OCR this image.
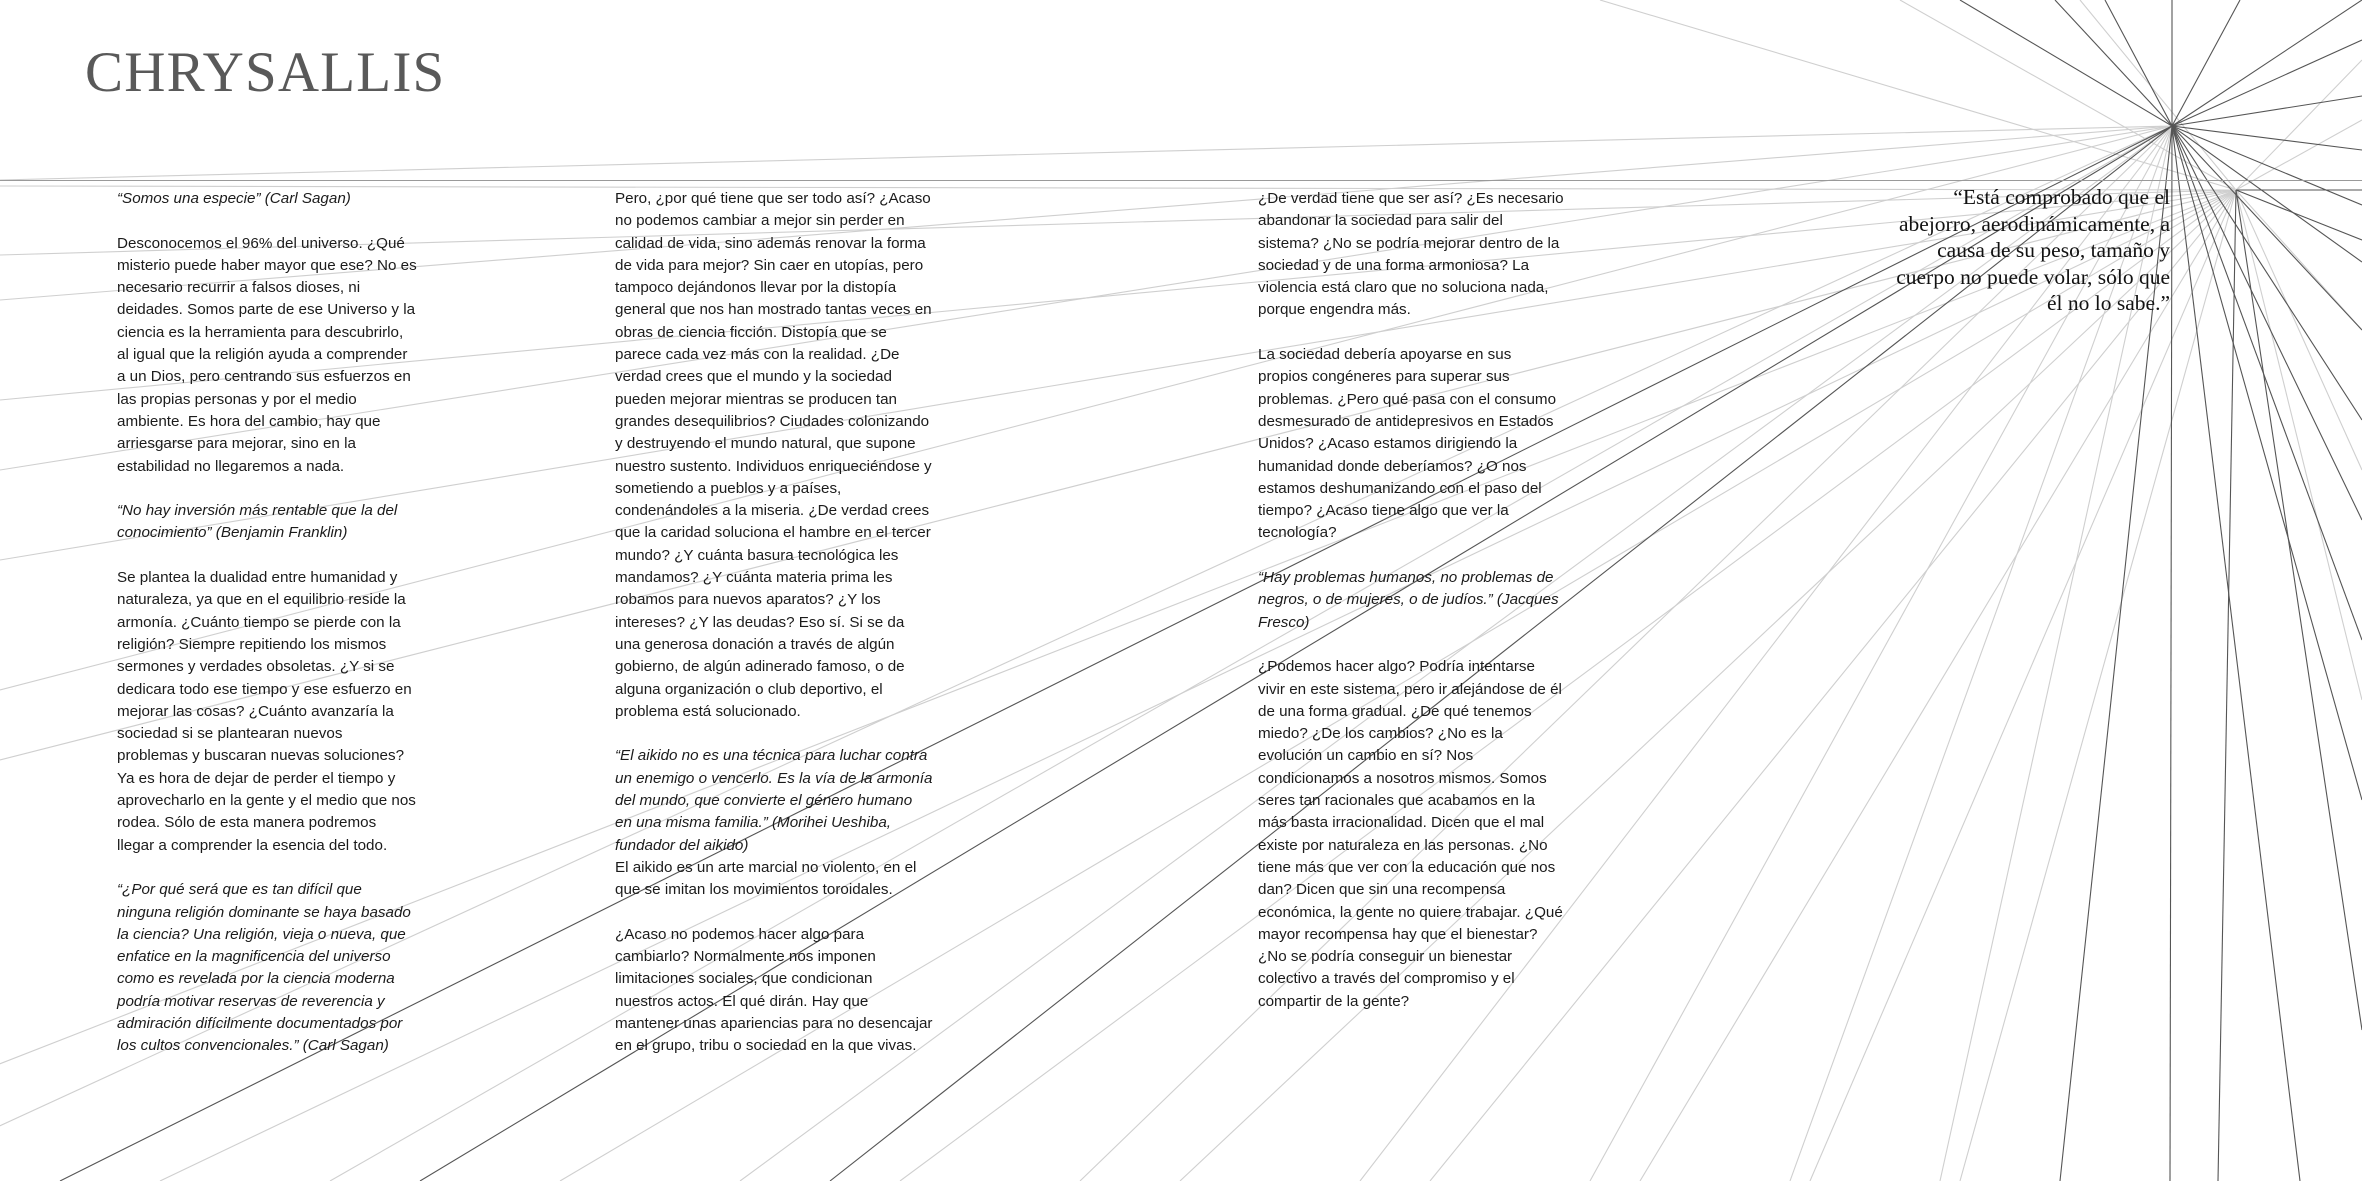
CHRYSALLIS

“Somos una especie” (Carl Sagan)

Desconocemos el 96% del universo. ¿Qué misterio puede haber mayor que ese? No es necesario recurrir a falsos dioses, ni deidades. Somos parte de ese Universo y la ciencia es la herramienta para descubrirlo, al igual que la religión ayuda a comprender a un Dios, pero centrando sus esfuerzos en las propias personas y por el medio ambiente. Es hora del cambio, hay que arriesgarse para mejorar, sino en la estabilidad no llegaremos a nada.

“No hay inversión más rentable que la del conocimiento” (Benjamin Franklin)

Se plantea la dualidad entre humanidad y naturaleza, ya que en el equilibrio reside la armonía. ¿Cuánto tiempo se pierde con la religión? Siempre repitiendo los mismos sermones y verdades obsoletas. ¿Y si se dedicara todo ese tiempo y ese esfuerzo en mejorar las cosas? ¿Cuánto avanzaría la sociedad si se plantearan nuevos problemas y buscaran nuevas soluciones? Ya es hora de dejar de perder el tiempo y aprovecharlo en la gente y el medio que nos rodea. Sólo de esta manera podremos llegar a comprender la esencia del todo.

“¿Por qué será que es tan difícil que ninguna religión dominante se haya basado la ciencia? Una religión, vieja o nueva, que enfatice en la magnificencia del universo como es revelada por la ciencia moderna podría motivar reservas de reverencia y admiración difícilmente documentados por los cultos convencionales.” (Carl Sagan)

Pero, ¿por qué tiene que ser todo así? ¿Acaso no podemos cambiar a mejor sin perder en calidad de vida, sino además renovar la forma de vida para mejor? Sin caer en utopías, pero tampoco dejándonos llevar por la distopía general que nos han mostrado tantas veces en obras de ciencia ficción. Distopía que se parece cada vez más con la realidad. ¿De verdad crees que el mundo y la sociedad pueden mejorar mientras se producen tan grandes desequilibrios? Ciudades colonizando y destruyendo el mundo natural, que supone nuestro sustento. Individuos enriqueciéndose y sometiendo a pueblos y a países, condenándoles a la miseria. ¿De verdad crees que la caridad soluciona el hambre en el tercer mundo? ¿Y cuánta basura tecnológica les mandamos? ¿Y cuánta materia prima les robamos para nuevos aparatos? ¿Y los intereses? ¿Y las deudas? Eso sí. Si se da una generosa donación a través de algún gobierno, de algún adinerado famoso, o de alguna organización o club deportivo, el problema está solucionado.

“El aikido no es una técnica para luchar contra un enemigo o vencerlo. Es la vía de la armonía del mundo, que convierte el género humano en una misma familia.” (Morihei Ueshiba, fundador del aikido)

El aikido es un arte marcial no violento, en el que se imitan los movimientos toroidales.

¿Acaso no podemos hacer algo para cambiarlo? Normalmente nos imponen limitaciones sociales, que condicionan nuestros actos. El qué dirán. Hay que mantener unas apariencias para no desencajar en el grupo, tribu o sociedad en la que vivas.

¿De verdad tiene que ser así? ¿Es necesario abandonar la sociedad para salir del sistema? ¿No se podría mejorar dentro de la sociedad y de una forma armoniosa? La violencia está claro que no soluciona nada, porque engendra más.

La sociedad debería apoyarse en sus propios congéneres para superar sus problemas. ¿Pero qué pasa con el consumo desmesurado de antidepresivos en Estados Unidos? ¿Acaso estamos dirigiendo la humanidad donde deberíamos? ¿O nos estamos deshumanizando con el paso del tiempo? ¿Acaso tiene algo que ver la tecnología?

“Hay problemas humanos, no problemas de negros, o de mujeres, o de judíos.” (Jacques Fresco)

¿Podemos hacer algo? Podría intentarse vivir en este sistema, pero ir alejándose de él de una forma gradual. ¿De qué tenemos miedo? ¿De los cambios? ¿No es la evolución un cambio en sí? Nos condicionamos a nosotros mismos. Somos seres tan racionales que acabamos en la más basta irracionalidad. Dicen que el mal existe por naturaleza en las personas. ¿No tiene más que ver con la educación que nos dan? Dicen que sin una recompensa económica, la gente no quiere trabajar. ¿Qué mayor recompensa hay que el bienestar? ¿No se podría conseguir un bienestar colectivo a través del compromiso y el compartir de la gente?

“Está comprobado que el abejorro, aerodinámicamente, a causa de su peso, tamaño y cuerpo no puede volar, sólo que él no lo sabe.”
